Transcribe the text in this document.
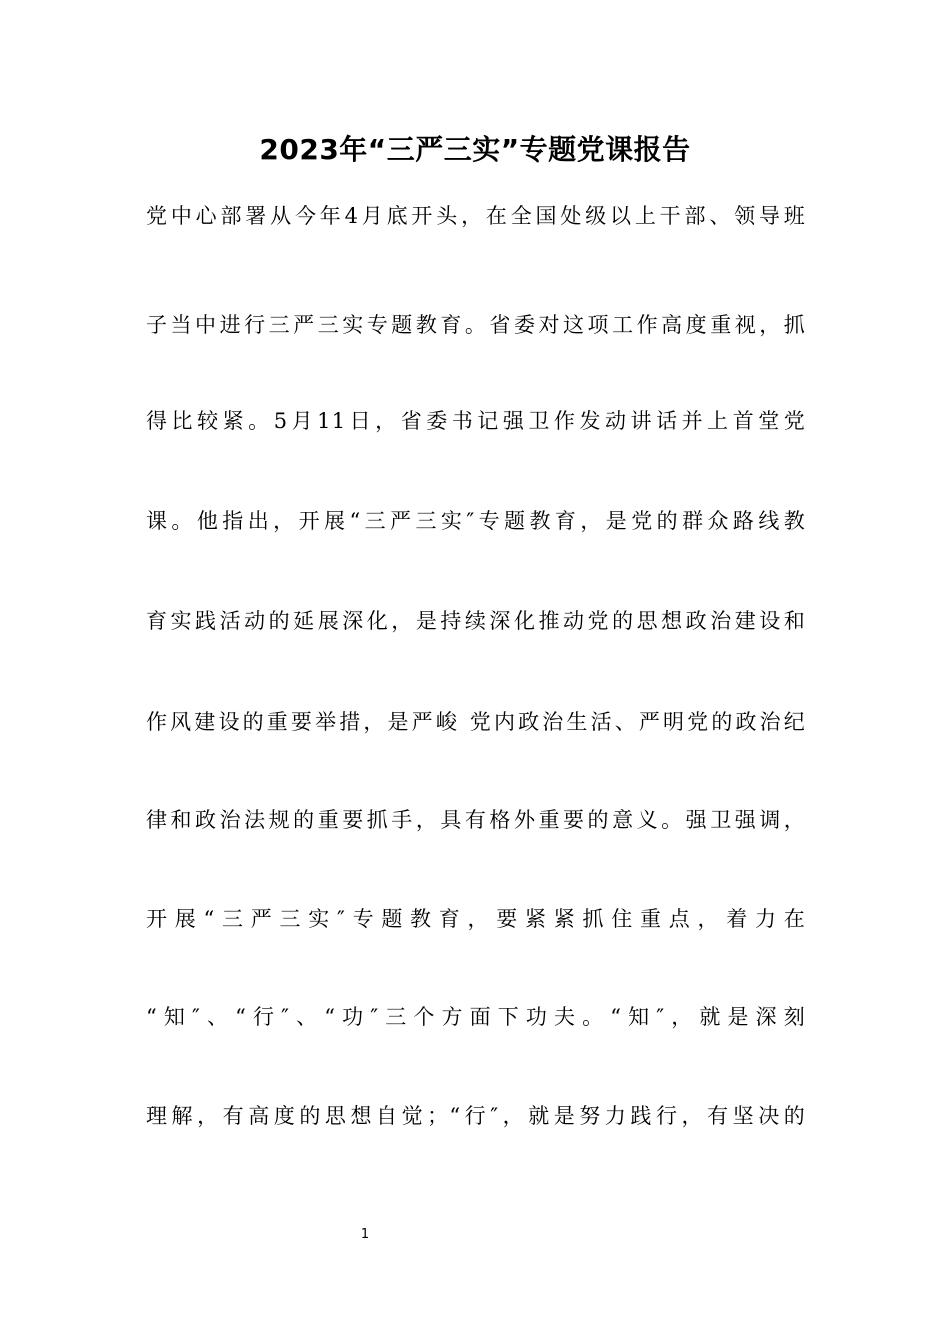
2023年“三严三实”专题党课报告
党中心部署从今年4月底开头，在全国处级以上干部、领导班
子当中进行三严三实专题教育。省委对这项工作高度重视，抓
得比较紧。5月11日，省委书记强卫作发动讲话并上首堂党
课。他指出，开展“三严三实″专题教育，是党的群众路线教
育实践活动的延展深化，是持续深化推动党的思想政治建设和
作风建设的重要举措，是严峻 党内政治生活、严明党的政治纪
律和政治法规的重要抓手，具有格外重要的意义。强卫强调，
开展“三严三实″专题教育，要紧紧抓住重点，着力在
“知″、“行″、“功″三个方面下功夫。“知″，就是深刻
理解，有高度的思想自觉；“行″，就是努力践行，有坚决的
1
